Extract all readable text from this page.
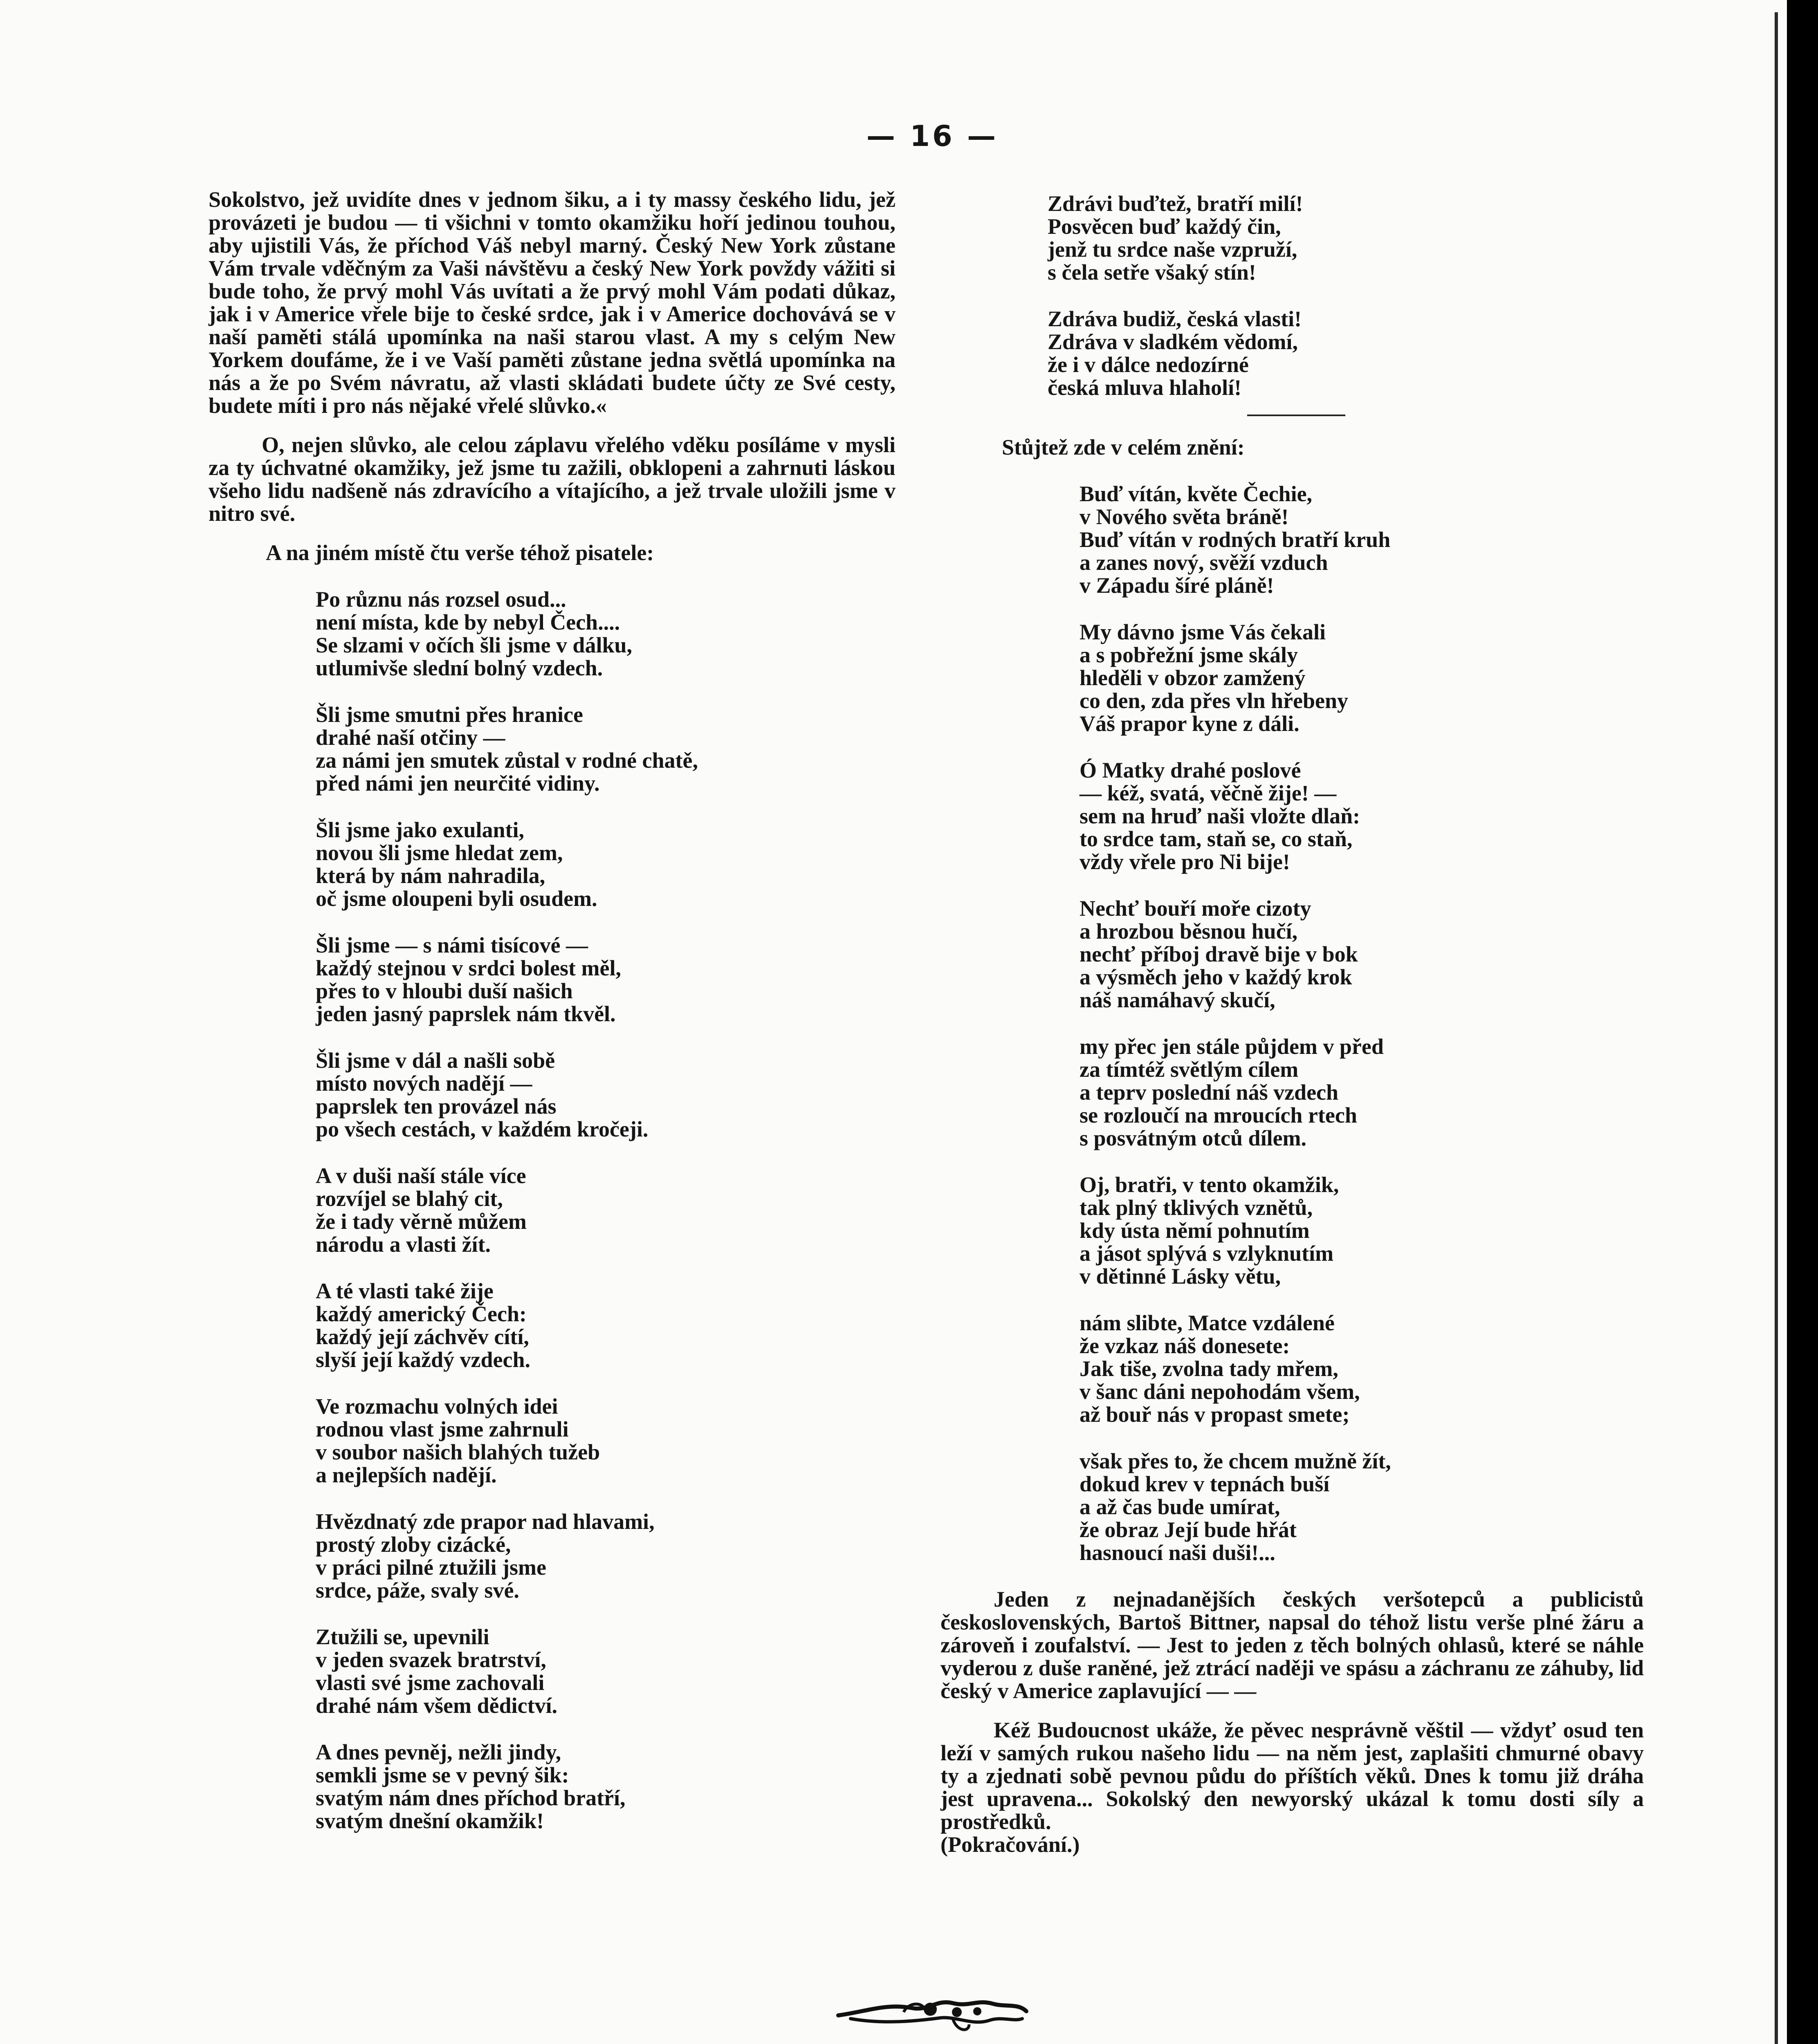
— 16 —

Sokolstvo, jež uvidíte dnes v jednom šiku, a i ty massy českého lidu, jež provázeti je budou — ti všichni v tomto okamžiku hoří jedinou touhou, aby ujistili Vás, že příchod Váš nebyl marný. Český New York zůstane Vám trvale vděčným za Vaši návštěvu a český New York povždy vážiti si bude toho, že prvý mohl Vás uvítati a že prvý mohl Vám podati důkaz, jak i v Americe vřele bije to české srdce, jak i v Americe dochovává se v naší paměti stálá upomínka na naši starou vlast. A my s celým New Yorkem doufáme, že i ve Vaší paměti zůstane jedna světlá upomínka na nás a že po Svém návratu, až vlasti skládati budete účty ze Své cesty, budete míti i pro nás nějaké vřelé slůvko.«

O, nejen slůvko, ale celou záplavu vřelého vděku posíláme v mysli za ty úchvatné okamžiky, jež jsme tu zažili, obklopeni a zahrnuti láskou všeho lidu nadšeně nás zdravícího a vítajícího, a jež trvale uložili jsme v nitro své.

A na jiném místě čtu verše téhož pisatele:

Po různu nás rozsel osud...
není místa, kde by nebyl Čech....
Se slzami v očích šli jsme v dálku,
utlumivše slední bolný vzdech.
Šli jsme smutni přes hranice
drahé naší otčiny —
za námi jen smutek zůstal v rodné chatě,
před námi jen neurčité vidiny.
Šli jsme jako exulanti,
novou šli jsme hledat zem,
která by nám nahradila,
oč jsme oloupeni byli osudem.
Šli jsme — s námi tisícové —
každý stejnou v srdci bolest měl,
přes to v hloubi duší našich
jeden jasný paprslek nám tkvěl.
Šli jsme v dál a našli sobě
místo nových nadějí —
paprslek ten provázel nás
po všech cestách, v každém kročeji.
A v duši naší stále více
rozvíjel se blahý cit,
že i tady věrně můžem
národu a vlasti žít.
A té vlasti také žije
každý americký Čech:
každý její záchvěv cítí,
slyší její každý vzdech.
Ve rozmachu volných idei
rodnou vlast jsme zahrnuli
v soubor našich blahých tužeb
a nejlepších nadějí.
Hvězdnatý zde prapor nad hlavami,
prostý zloby cizácké,
v práci pilné ztužili jsme
srdce, páže, svaly své.
Ztužili se, upevnili
v jeden svazek bratrství,
vlasti své jsme zachovali
drahé nám všem dědictví.
A dnes pevněj, nežli jindy,
semkli jsme se v pevný šik:
svatým nám dnes příchod bratří,
svatým dnešní okamžik!
Zdrávi buďtež, bratří milí!
Posvěcen buď každý čin,
jenž tu srdce naše vzpruží,
s čela setře všaký stín!
Zdráva budiž, česká vlasti!
Zdráva v sladkém vědomí,
že i v dálce nedozírné
česká mluva hlaholí!

Stůjtež zde v celém znění:

Buď vítán, květe Čechie,
v Nového světa bráně!
Buď vítán v rodných bratří kruh
a zanes nový, svěží vzduch
v Západu šíré pláně!
My dávno jsme Vás čekali
a s pobřežní jsme skály
hleděli v obzor zamžený
co den, zda přes vln hřebeny
Váš prapor kyne z dáli.
Ó Matky drahé poslové
— kéž, svatá, věčně žije! —
sem na hruď naši vložte dlaň:
to srdce tam, staň se, co staň,
vždy vřele pro Ni bije!
Nechť bouří moře cizoty
a hrozbou běsnou hučí,
nechť příboj dravě bije v bok
a výsměch jeho v každý krok
náš namáhavý skučí,
my přec jen stále půjdem v před
za tímtéž světlým cílem
a teprv poslední náš vzdech
se rozloučí na mroucích rtech
s posvátným otců dílem.
Oj, bratři, v tento okamžik,
tak plný tklivých vznětů,
kdy ústa němí pohnutím
a jásot splývá s vzlyknutím
v dětinné Lásky větu,
nám slibte, Matce vzdálené
že vzkaz náš donesete:
Jak tiše, zvolna tady mřem,
v šanc dáni nepohodám všem,
až bouř nás v propast smete;
však přes to, že chcem mužně žít,
dokud krev v tepnách buší
a až čas bude umírat,
že obraz Její bude hřát
hasnoucí naši duši!...

Jeden z nejnadanějších českých veršotepců a publicistů československých, Bartoš Bittner, napsal do téhož listu verše plné žáru a zároveň i zoufalství. — Jest to jeden z těch bolných ohlasů, které se náhle vyderou z duše raněné, jež ztrácí naději ve spásu a záchranu ze záhuby, lid český v Americe zaplavující — —

Kéž Budoucnost ukáže, že pěvec nesprávně věštil — vždyť osud ten leží v samých rukou našeho lidu — na něm jest, zaplašiti chmurné obavy ty a zjednati sobě pevnou půdu do příštích věků. Dnes k tomu již dráha jest upravena... Sokolský den newyorský ukázal k tomu dosti síly a prostředků.

(Pokračování.)
